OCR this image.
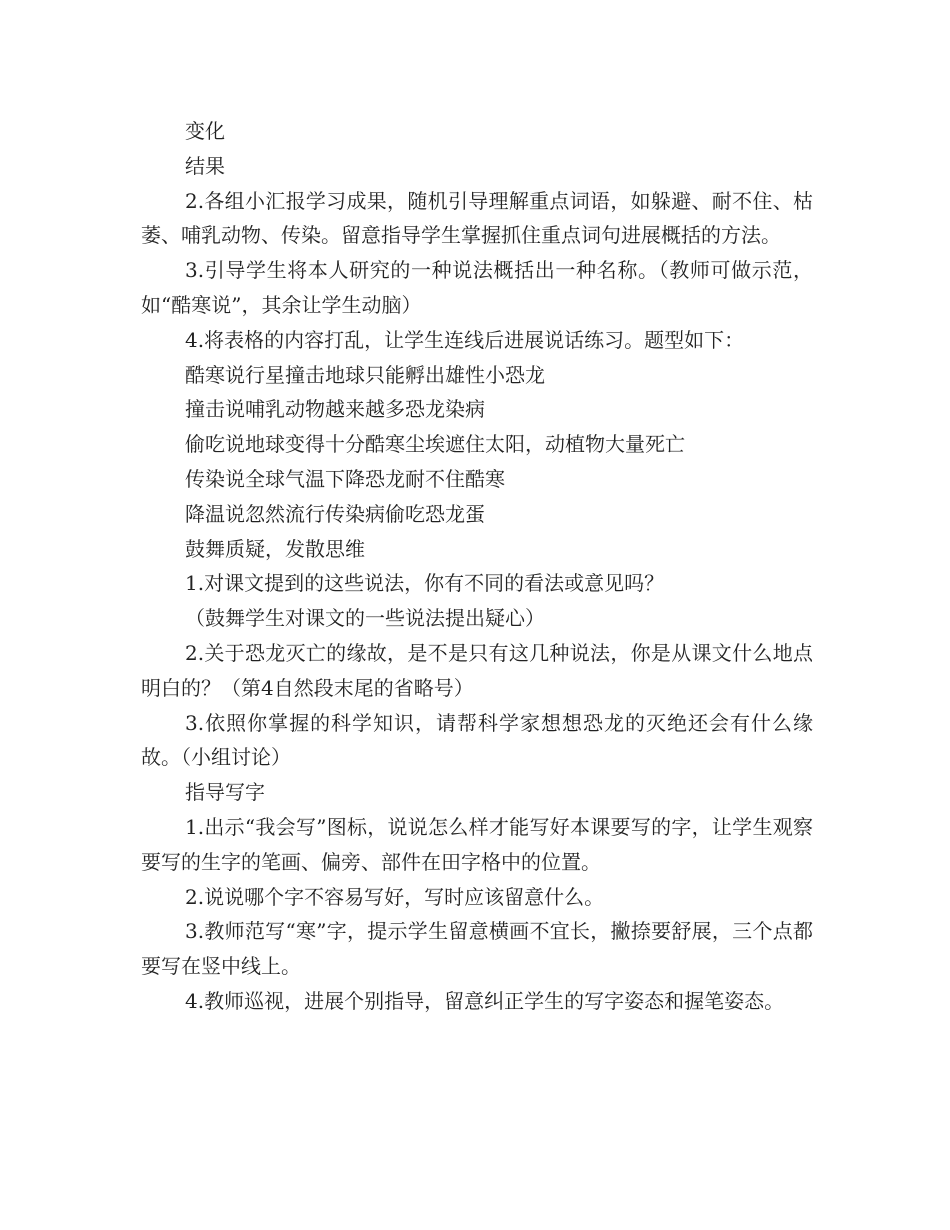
变化

结果

2.各组小汇报学习成果，随机引导理解重点词语，如躲避、耐不住、枯萎、哺乳动物、传染。留意指导学生掌握抓住重点词句进展概括的方法。

3.引导学生将本人研究的一种说法概括出一种名称。（教师可做示范，如“酷寒说”，其余让学生动脑）

4.将表格的内容打乱，让学生连线后进展说话练习。题型如下：

酷寒说行星撞击地球只能孵出雄性小恐龙

撞击说哺乳动物越来越多恐龙染病

偷吃说地球变得十分酷寒尘埃遮住太阳，动植物大量死亡

传染说全球气温下降恐龙耐不住酷寒

降温说忽然流行传染病偷吃恐龙蛋

鼓舞质疑，发散思维

1.对课文提到的这些说法，你有不同的看法或意见吗？

（鼓舞学生对课文的一些说法提出疑心）

2.关于恐龙灭亡的缘故，是不是只有这几种说法，你是从课文什么地点明白的？（第4自然段末尾的省略号）

3.依照你掌握的科学知识，请帮科学家想想恐龙的灭绝还会有什么缘故。（小组讨论）

指导写字

1.出示“我会写”图标，说说怎么样才能写好本课要写的字，让学生观察要写的生字的笔画、偏旁、部件在田字格中的位置。

2.说说哪个字不容易写好，写时应该留意什么。

3.教师范写“寒”字，提示学生留意横画不宜长，撇捺要舒展，三个点都要写在竖中线上。

4.教师巡视，进展个别指导，留意纠正学生的写字姿态和握笔姿态。
